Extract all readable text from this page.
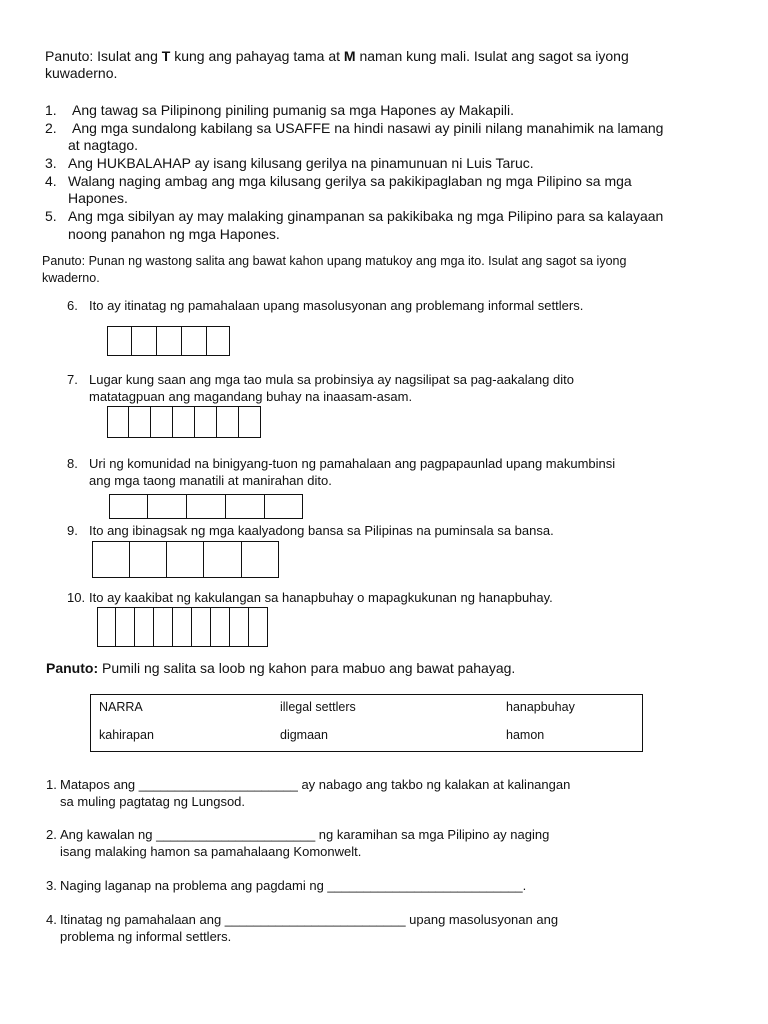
Panuto: Isulat ang T kung ang pahayag tama at M naman kung mali. Isulat ang sagot sa iyong
kuwaderno.
1. Ang tawag sa Pilipinong piniling pumanig sa mga Hapones ay Makapili.
2. Ang mga sundalong kabilang sa USAFFE na hindi nasawi ay pinili nilang manahimik na lamang
at nagtago.
3. Ang HUKBALAHAP ay isang kilusang gerilya na pinamunuan ni Luis Taruc.
4. Walang naging ambag ang mga kilusang gerilya sa pakikipaglaban ng mga Pilipino sa mga
Hapones.
5. Ang mga sibilyan ay may malaking ginampanan sa pakikibaka ng mga Pilipino para sa kalayaan
noong panahon ng mga Hapones.
Panuto: Punan ng wastong salita ang bawat kahon upang matukoy ang mga ito. Isulat ang sagot sa iyong
kwaderno.
6. Ito ay itinatag ng pamahalaan upang masolusyonan ang problemang informal settlers.
7. Lugar kung saan ang mga tao mula sa probinsiya ay nagsilipat sa pag-aakalang dito
matatagpuan ang magandang buhay na inaasam-asam.
8. Uri ng komunidad na binigyang-tuon ng pamahalaan ang pagpapaunlad upang makumbinsi
ang mga taong manatili at manirahan dito.
9. Ito ang ibinagsak ng mga kaalyadong bansa sa Pilipinas na puminsala sa bansa.
10. Ito ay kaakibat ng kakulangan sa hanapbuhay o mapagkukunan ng hanapbuhay.
Panuto: Pumili ng salita sa loob ng kahon para mabuo ang bawat pahayag.
NARRA	illegal settlers	hanapbuhay
kahirapan	digmaan	hamon
1. Matapos ang ______________________ ay nabago ang takbo ng kalakan at kalinangan
sa muling pagtatag ng Lungsod.
2. Ang kawalan ng ______________________ ng karamihan sa mga Pilipino ay naging
isang malaking hamon sa pamahalaang Komonwelt.
3. Naging laganap na problema ang pagdami ng ___________________________.
4. Itinatag ng pamahalaan ang _________________________ upang masolusyonan ang
problema ng informal settlers.
